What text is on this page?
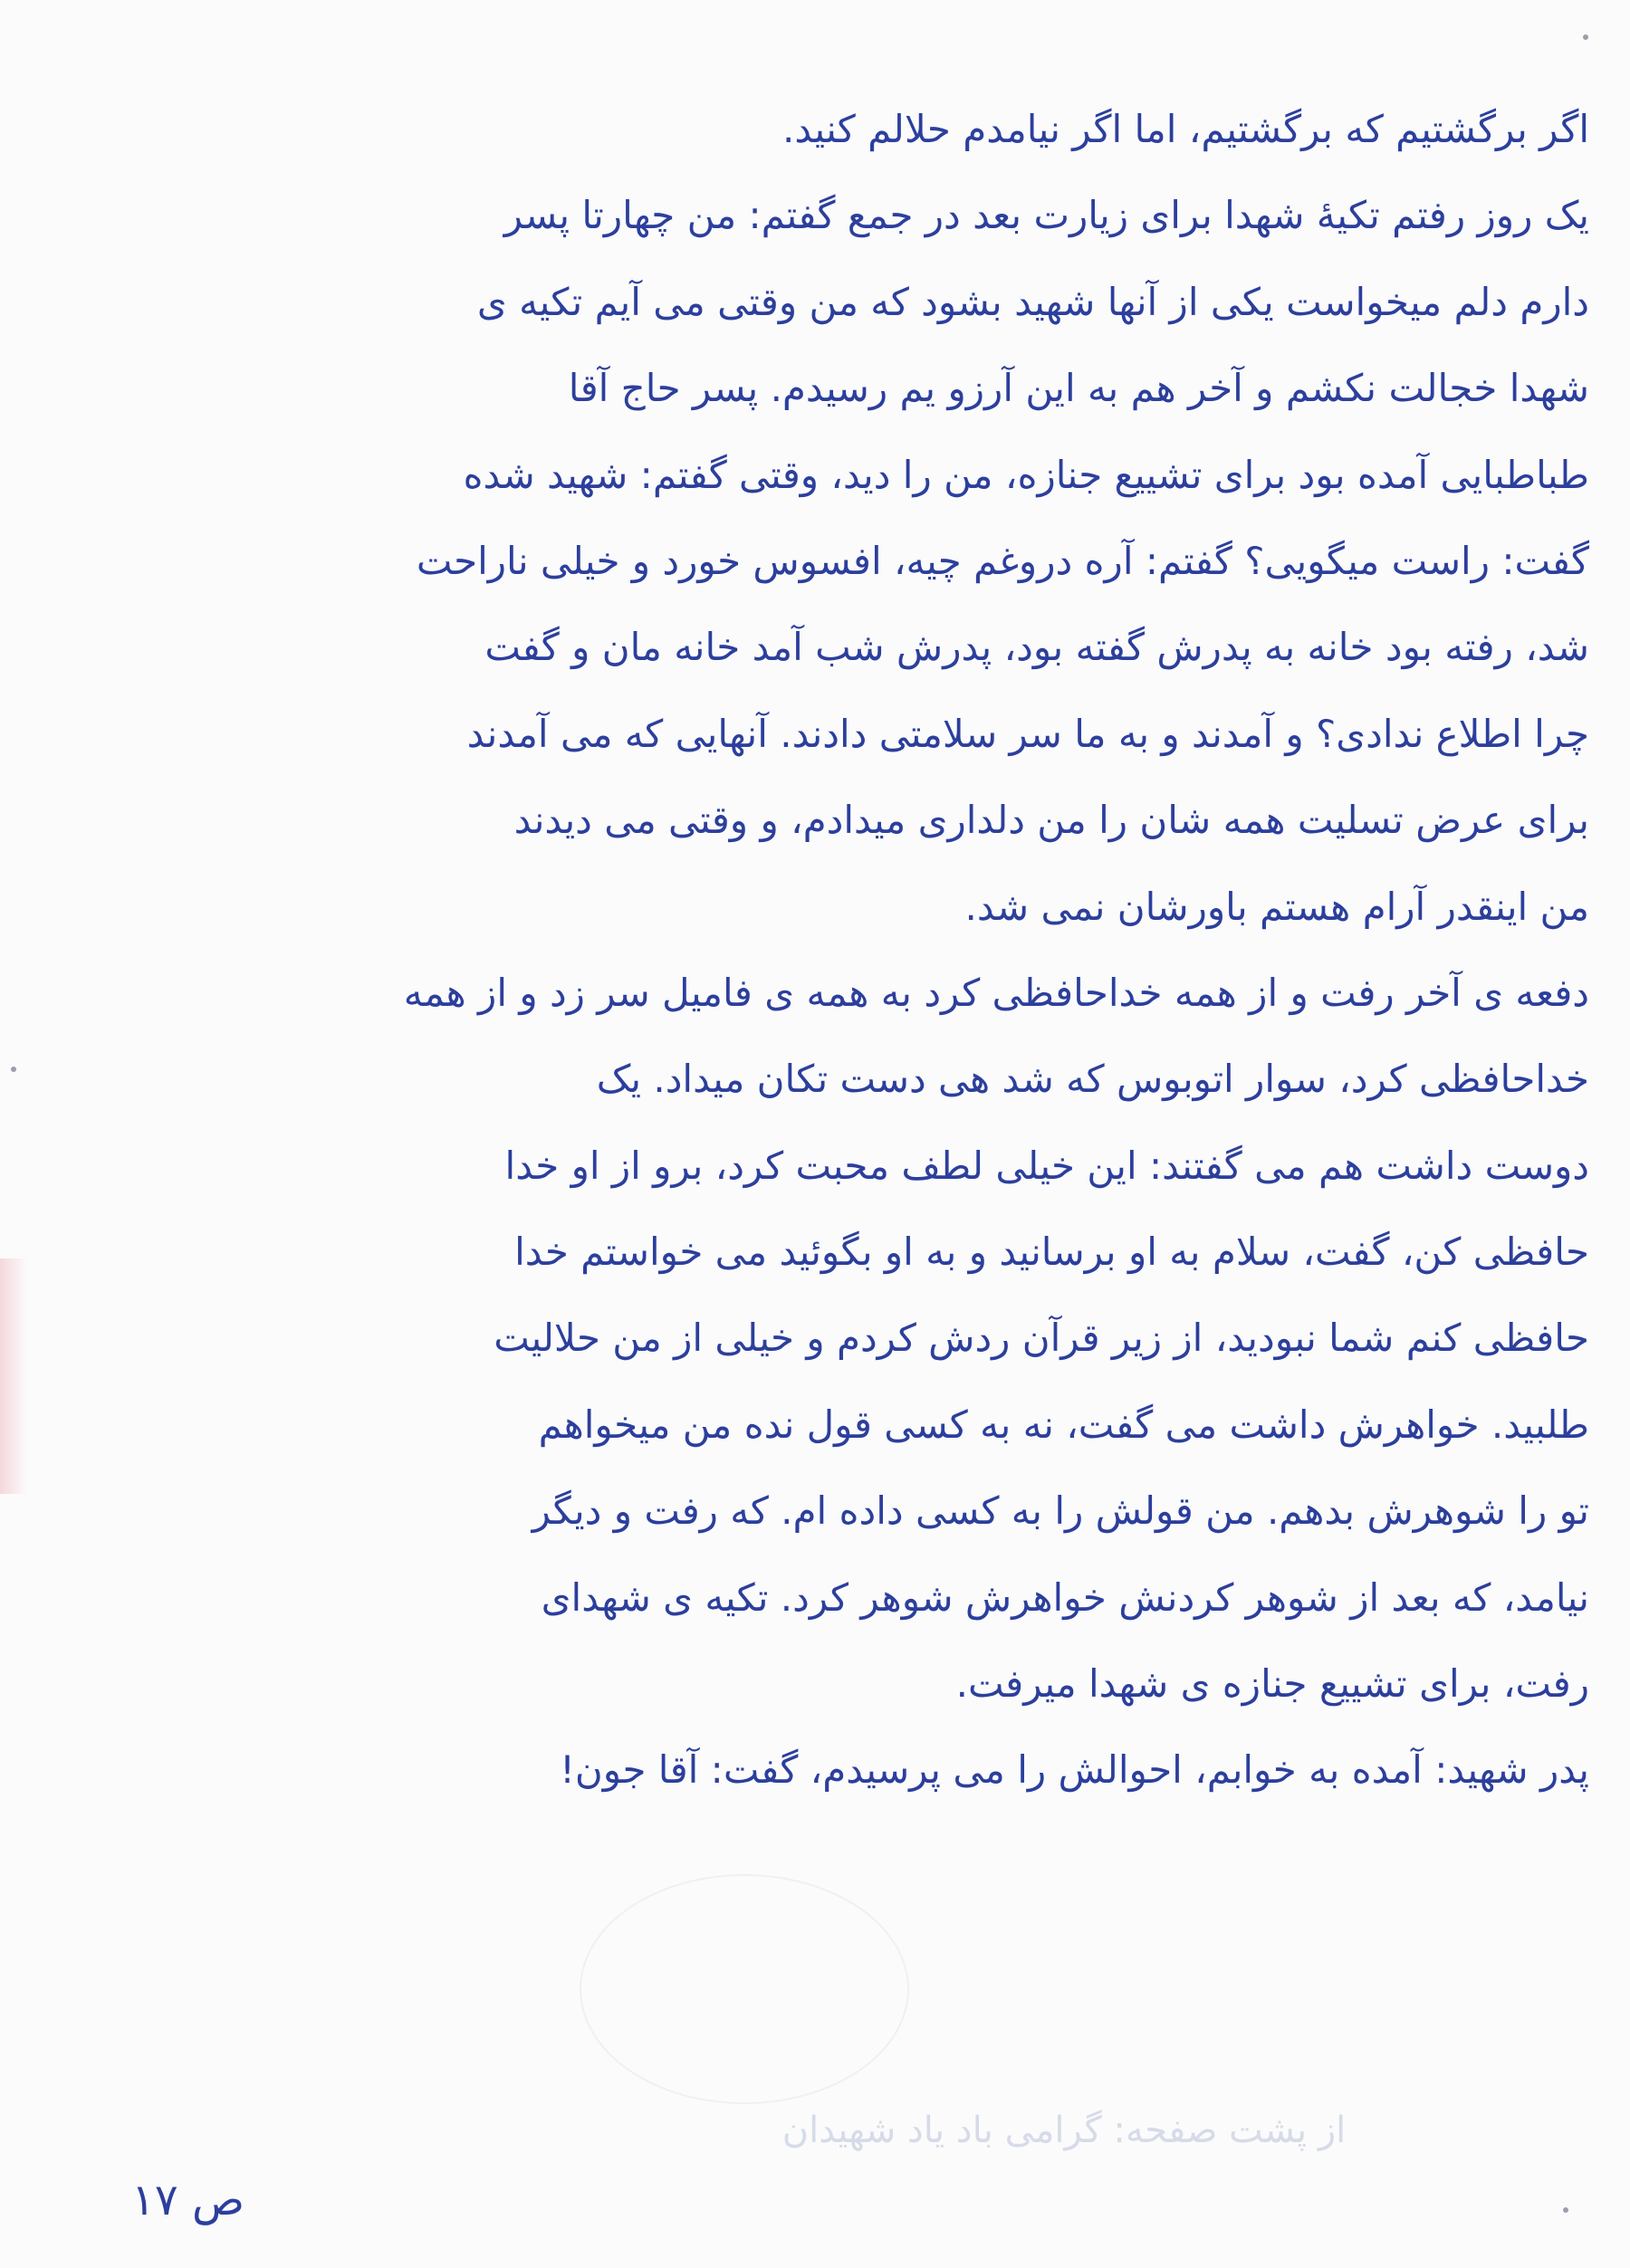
اگر برگشتیم که برگشتیم، اما اگر نیامدم حلالم کنید.
یک روز رفتم تکیهٔ شهدا برای زیارت بعد در جمع گفتم: من چهارتا پسر
دارم دلم میخواست یکی از آنها شهید بشود که من وقتی می آیم تکیه ی
شهدا خجالت نکشم و آخر هم به این آرزو یم رسیدم. پسر حاج آقا
طباطبایی آمده بود برای تشییع جنازه، من را دید، وقتی گفتم: شهید شده
گفت: راست میگویی؟ گفتم: آره دروغم چیه، افسوس خورد و خیلی ناراحت
شد، رفته بود خانه به پدرش گفته بود، پدرش شب آمد خانه مان و گفت
چرا اطلاع ندادی؟ و آمدند و به ما سر سلامتی دادند. آنهایی که می آمدند
برای عرض تسلیت همه شان را من دلداری میدادم، و وقتی می دیدند
من اینقدر آرام هستم باورشان نمی شد.
دفعه ی آخر رفت و از همه خداحافظی کرد به همه ی فامیل سر زد و از همه
خداحافظی کرد، سوار اتوبوس که شد هی دست تکان میداد. یک
دوست داشت هم می گفتند: این خیلی لطف محبت کرد، برو از او خدا
حافظی کن، گفت، سلام به او برسانید و به او بگوئید می خواستم خدا
حافظی کنم شما نبودید، از زیر قرآن ردش کردم و خیلی از من حلالیت
طلبید. خواهرش داشت می گفت، نه به کسی قول نده من میخواهم
تو را شوهرش بدهم. من قولش را به کسی داده ام. که رفت و دیگر
نیامد، که بعد از شوهر کردنش خواهرش شوهر کرد. تکیه ی شهدای
رفت، برای تشییع جنازه ی شهدا میرفت.
پدر شهید: آمده به خوابم، احوالش را می پرسیدم، گفت: آقا جون!
از پشت صفحه: گرامی باد یاد شهیدان
ص ۱۷
